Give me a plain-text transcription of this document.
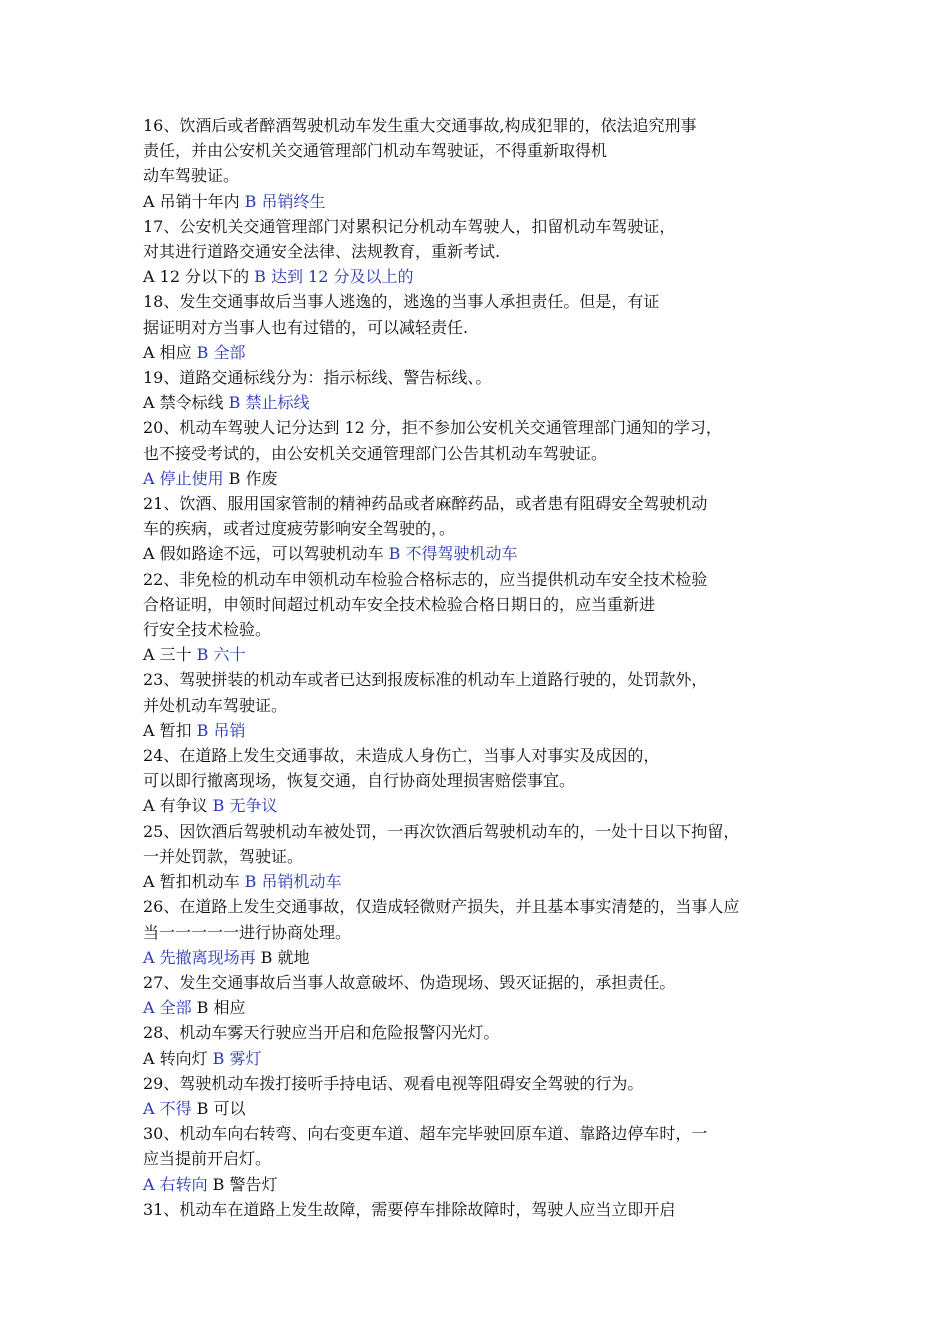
16、饮酒后或者醉酒驾驶机动车发生重大交通事故,构成犯罪的，依法追究刑事
责任，并由公安机关交通管理部门机动车驾驶证，不得重新取得机
动车驾驶证。
A 吊销十年内 B 吊销终生
17、公安机关交通管理部门对累积记分机动车驾驶人，扣留机动车驾驶证，
对其进行道路交通安全法律、法规教育，重新考试.
A 12 分以下的 B 达到 12 分及以上的
18、发生交通事故后当事人逃逸的，逃逸的当事人承担责任。但是，有证
据证明对方当事人也有过错的，可以减轻责任.
A 相应 B 全部
19、道路交通标线分为：指示标线、警告标线、。
A 禁令标线 B 禁止标线
20、机动车驾驶人记分达到 12 分，拒不参加公安机关交通管理部门通知的学习，
也不接受考试的，由公安机关交通管理部门公告其机动车驾驶证。
A 停止使用 B 作废
21、饮酒、服用国家管制的精神药品或者麻醉药品，或者患有阻碍安全驾驶机动
车的疾病，或者过度疲劳影响安全驾驶的，。
A 假如路途不远，可以驾驶机动车 B 不得驾驶机动车
22、非免检的机动车申领机动车检验合格标志的，应当提供机动车安全技术检验
合格证明，申领时间超过机动车安全技术检验合格日期日的，应当重新进
行安全技术检验。
A 三十 B 六十
23、驾驶拼装的机动车或者已达到报废标准的机动车上道路行驶的，处罚款外，
并处机动车驾驶证。
A 暂扣 B 吊销
24、在道路上发生交通事故，未造成人身伤亡，当事人对事实及成因的，
可以即行撤离现场，恢复交通，自行协商处理损害赔偿事宜。
A 有争议 B 无争议
25、因饮酒后驾驶机动车被处罚，一再次饮酒后驾驶机动车的，一处十日以下拘留，
一并处罚款，驾驶证。
A 暂扣机动车 B 吊销机动车
26、在道路上发生交通事故，仅造成轻微财产损失，并且基本事实清楚的，当事人应
当一一一一一进行协商处理。
A 先撤离现场再 B 就地
27、发生交通事故后当事人故意破坏、伪造现场、毁灭证据的，承担责任。
A 全部 B 相应
28、机动车雾天行驶应当开启和危险报警闪光灯。
A 转向灯 B 雾灯
29、驾驶机动车拨打接听手持电话、观看电视等阻碍安全驾驶的行为。
A 不得 B 可以
30、机动车向右转弯、向右变更车道、超车完毕驶回原车道、靠路边停车时，一
应当提前开启灯。
A 右转向 B 警告灯
31、机动车在道路上发生故障，需要停车排除故障时，驾驶人应当立即开启
